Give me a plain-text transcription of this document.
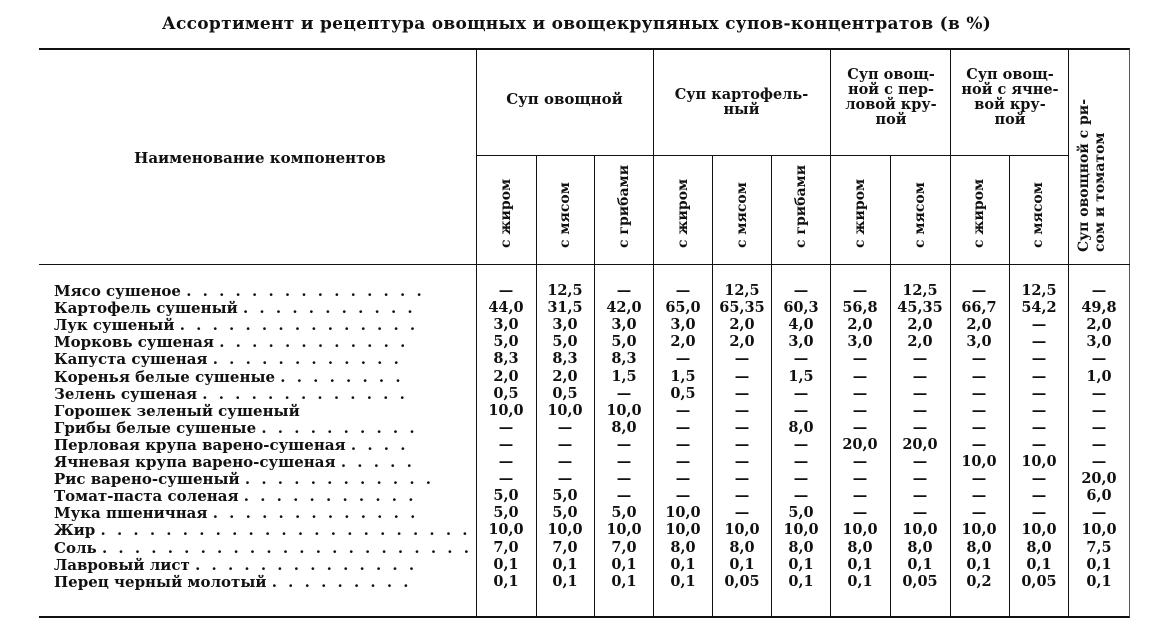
Ассортимент и рецептура овощных и овощекрупяных супов-концентратов (в %)
Наименование компонентов
Суп овощной	Суп картофель-
ный
Суп овощ-
ной с пер-
ловой кру-
пой
Суп овощ-
ной с ячне-
вой кру-
пой
Суп овощной с ри-
сом и томатом
с жиром	с мясом	с грибами	с жиром	с мясом	с грибами	с жиром	с мясом	с жиром	с мясом
Мясо сушеное . . . . . . . . . . . . . . .	—	12,5	—	—	12,5	—	—	12,5	—	12,5	—
Картофель сушеный . . . . . . . . . . .	44,0	31,5	42,0	65,0	65,35	60,3	56,8	45,35	66,7	54,2	49,8
Лук сушеный . . . . . . . . . . . . . . .	3,0	3,0	3,0	3,0	2,0	4,0	2,0	2,0	2,0	—	2,0
Морковь сушеная . . . . . . . . . . . .	5,0	5,0	5,0	2,0	2,0	3,0	3,0	2,0	3,0	—	3,0
Капуста сушеная . . . . . . . . . . . .	8,3	8,3	8,3	—	—	—	—	—	—	—	—
Коренья белые сушеные . . . . . . . .	2,0	2,0	1,5	1,5	—	1,5	—	—	—	—	1,0
Зелень сушеная . . . . . . . . . . . . .	0,5	0,5	—	0,5	—	—	—	—	—	—	—
Горошек зеленый сушеный	10,0	10,0	10,0	—	—	—	—	—	—	—	—
Грибы белые сушеные . . . . . . . . . .	—	—	8,0	—	—	8,0	—	—	—	—	—
Перловая крупа варено-сушеная . . . .	—	—	—	—	—	—	20,0	20,0	—	—	—
Ячневая крупа варено-сушеная . . . . .	—	—	—	—	—	—	—	—	10,0	10,0	—
Рис варено-сушеный . . . . . . . . . . . .	—	—	—	—	—	—	—	—	—	—	20,0
Томат-паста соленая . . . . . . . . . . .	5,0	5,0	—	—	—	—	—	—	—	—	6,0
Мука пшеничная . . . . . . . . . . . . .	5,0	5,0	5,0	10,0	—	5,0	—	—	—	—	—
Жир . . . . . . . . . . . . . . . . . . . . . . .	10,0	10,0	10,0	10,0	10,0	10,0	10,0	10,0	10,0	10,0	10,0
Соль . . . . . . . . . . . . . . . . . . . . . . .	7,0	7,0	7,0	8,0	8,0	8,0	8,0	8,0	8,0	8,0	7,5
Лавровый лист . . . . . . . . . . . . . .	0,1	0,1	0,1	0,1	0,1	0,1	0,1	0,1	0,1	0,1	0,1
Перец черный молотый . . . . . . . . .	0,1	0,1	0,1	0,1	0,05	0,1	0,1	0,05	0,2	0,05	0,1
